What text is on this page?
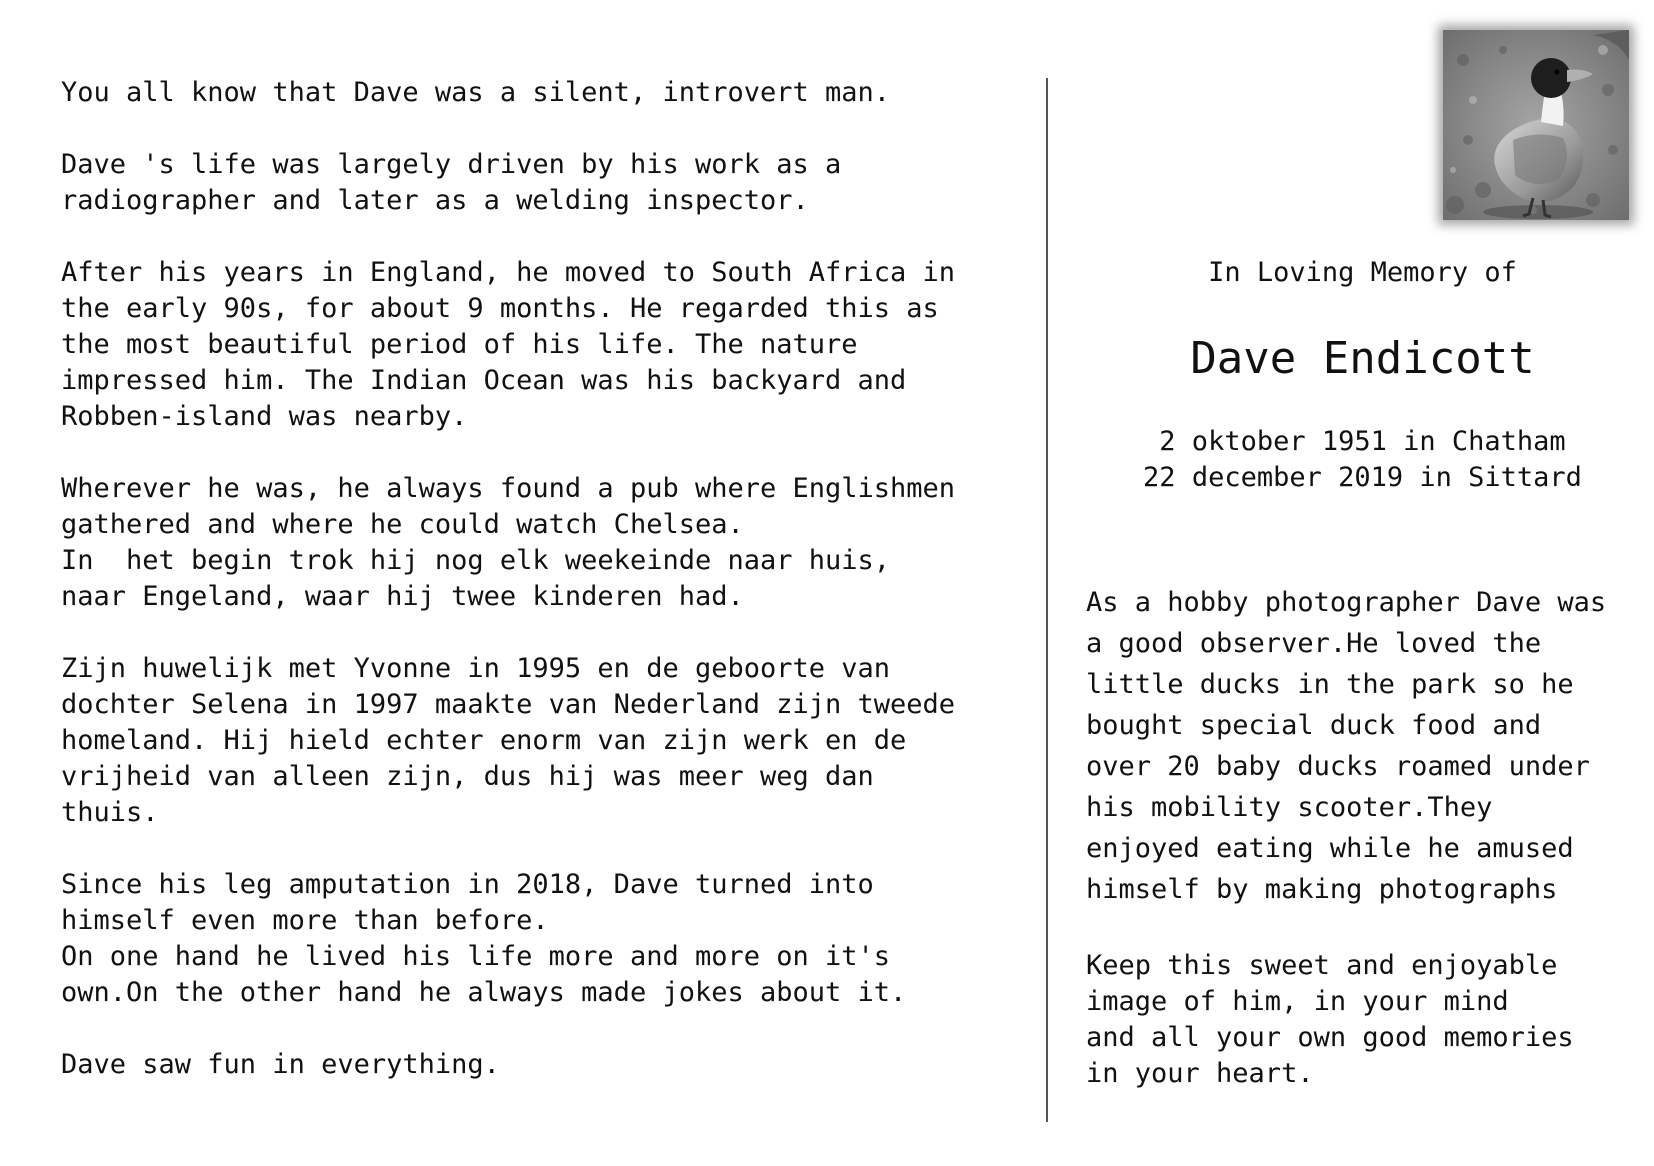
You all know that Dave was a silent, introvert man.

Dave 's life was largely driven by his work as a
radiographer and later as a welding inspector.

After his years in England, he moved to South Africa in
the early 90s, for about 9 months. He regarded this as
the most beautiful period of his life. The nature
impressed him. The Indian Ocean was his backyard and
Robben-island was nearby.

Wherever he was, he always found a pub where Englishmen
gathered and where he could watch Chelsea.
In  het begin trok hij nog elk weekeinde naar huis,
naar Engeland, waar hij twee kinderen had.

Zijn huwelijk met Yvonne in 1995 en de geboorte van
dochter Selena in 1997 maakte van Nederland zijn tweede
homeland. Hij hield echter enorm van zijn werk en de
vrijheid van alleen zijn, dus hij was meer weg dan
thuis.

Since his leg amputation in 2018, Dave turned into
himself even more than before.
On one hand he lived his life more and more on it's
own.On the other hand he always made jokes about it.

Dave saw fun in everything.

In Loving Memory of
Dave Endicott
2 oktober 1951 in Chatham
22 december 2019 in Sittard
As a hobby photographer Dave was
a good observer.He loved the
little ducks in the park so he
bought special duck food and
over 20 baby ducks roamed under
his mobility scooter.They
enjoyed eating while he amused
himself by making photographs
Keep this sweet and enjoyable
image of him, in your mind
and all your own good memories
in your heart.
